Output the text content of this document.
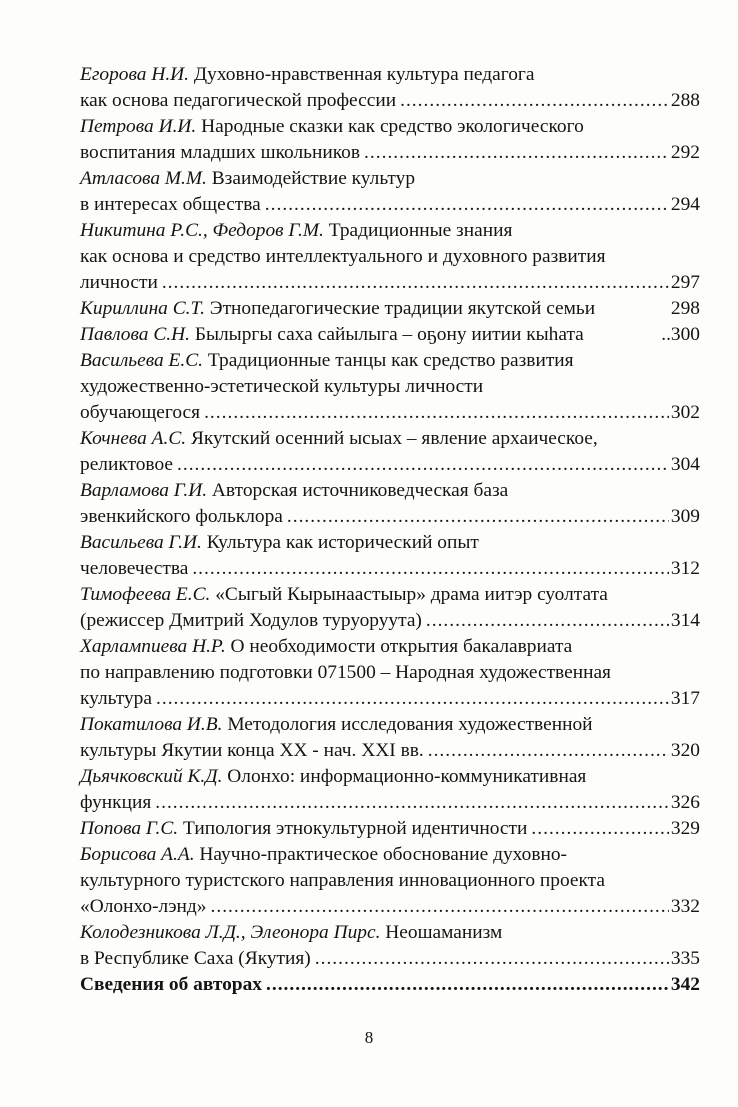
Егорова Н.И. Духовно-нравственная культура педагога
как основа педагогической профессии .....	288
Петрова И.И. Народные сказки как средство экологического
воспитания младших школьников .....	292
Атласова М.М. Взаимодействие культур
в интересах общества .....	294
Никитина Р.С., Федоров Г.М. Традиционные знания
как основа и средство интеллектуального и духовного развития
личности .....	297
Кириллина С.Т. Этнопедагогические традиции якутской семьи	298
Павлова С.Н. Былыргы саха сайылыга – оҕону иитии кыһата	..300
Васильева Е.С. Традиционные танцы как средство развития
художественно-эстетической культуры личности
обучающегося .....	302
Кочнева А.С. Якутский осенний ысыах – явление архаическое,
реликтовое .....	304
Варламова Г.И. Авторская источниковедческая база
эвенкийского фольклора .....	309
Васильева Г.И. Культура как исторический опыт
человечества .....	312
Тимофеева Е.С. «Сыгый Кырынаастыыр» драма иитэр суолтата
(режиссер Дмитрий Ходулов туруоруута) .....	314
Харлампиева Н.Р. О необходимости открытия бакалавриата
по направлению подготовки 071500 – Народная художественная
культура .....	317
Покатилова И.В. Методология исследования художественной
культуры Якутии конца XX - нач. XXI вв. .....	320
Дьячковский К.Д. Олонхо: информационно-коммуникативная
функция .....	326
Попова Г.С. Типология этнокультурной идентичности .....	329
Борисова А.А. Научно-практическое обоснование духовно-
культурного туристского направления инновационного проекта
«Олонхо-лэнд» .....	332
Колодезникова Л.Д., Элеонора Пирс. Неошаманизм
в Республике Саха (Якутия) .....	335
Сведения об авторах .....	342
8
